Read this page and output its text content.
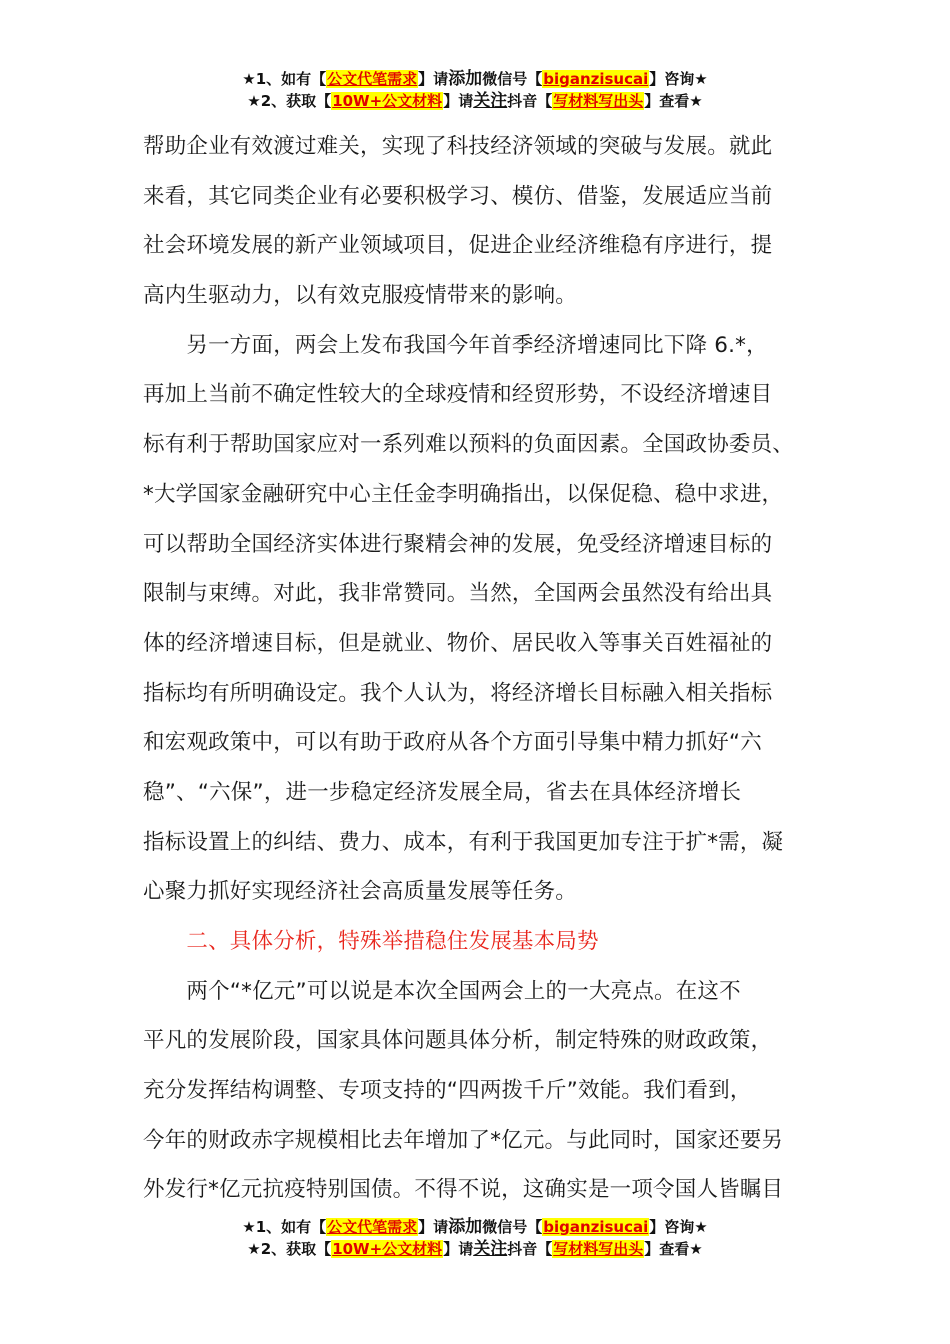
★1、如有【公文代笔需求】请添加微信号【biganzisucai】咨询★
★2、获取【10W+公文材料】请关注抖音【写材料写出头】查看★
帮助企业有效渡过难关，实现了科技经济领域的突破与发展。就此
来看，其它同类企业有必要积极学习、模仿、借鉴，发展适应当前
社会环境发展的新产业领域项目，促进企业经济维稳有序进行，提
高内生驱动力，以有效克服疫情带来的影响。
　　另一方面，两会上发布我国今年首季经济增速同比下降 6.*，
再加上当前不确定性较大的全球疫情和经贸形势，不设经济增速目
标有利于帮助国家应对一系列难以预料的负面因素。全国政协委员、
*大学国家金融研究中心主任金李明确指出，以保促稳、稳中求进，
可以帮助全国经济实体进行聚精会神的发展，免受经济增速目标的
限制与束缚。对此，我非常赞同。当然，全国两会虽然没有给出具
体的经济增速目标，但是就业、物价、居民收入等事关百姓福祉的
指标均有所明确设定。我个人认为，将经济增长目标融入相关指标
和宏观政策中，可以有助于政府从各个方面引导集中精力抓好“六
稳”、“六保”，进一步稳定经济发展全局，省去在具体经济增长
指标设置上的纠结、费力、成本，有利于我国更加专注于扩*需，凝
心聚力抓好实现经济社会高质量发展等任务。
　　二、具体分析，特殊举措稳住发展基本局势
　　两个“*亿元”可以说是本次全国两会上的一大亮点。在这不
平凡的发展阶段，国家具体问题具体分析，制定特殊的财政政策，
充分发挥结构调整、专项支持的“四两拨千斤”效能。我们看到，
今年的财政赤字规模相比去年增加了*亿元。与此同时，国家还要另
外发行*亿元抗疫特别国债。不得不说，这确实是一项令国人皆瞩目
★1、如有【公文代笔需求】请添加微信号【biganzisucai】咨询★
★2、获取【10W+公文材料】请关注抖音【写材料写出头】查看★
